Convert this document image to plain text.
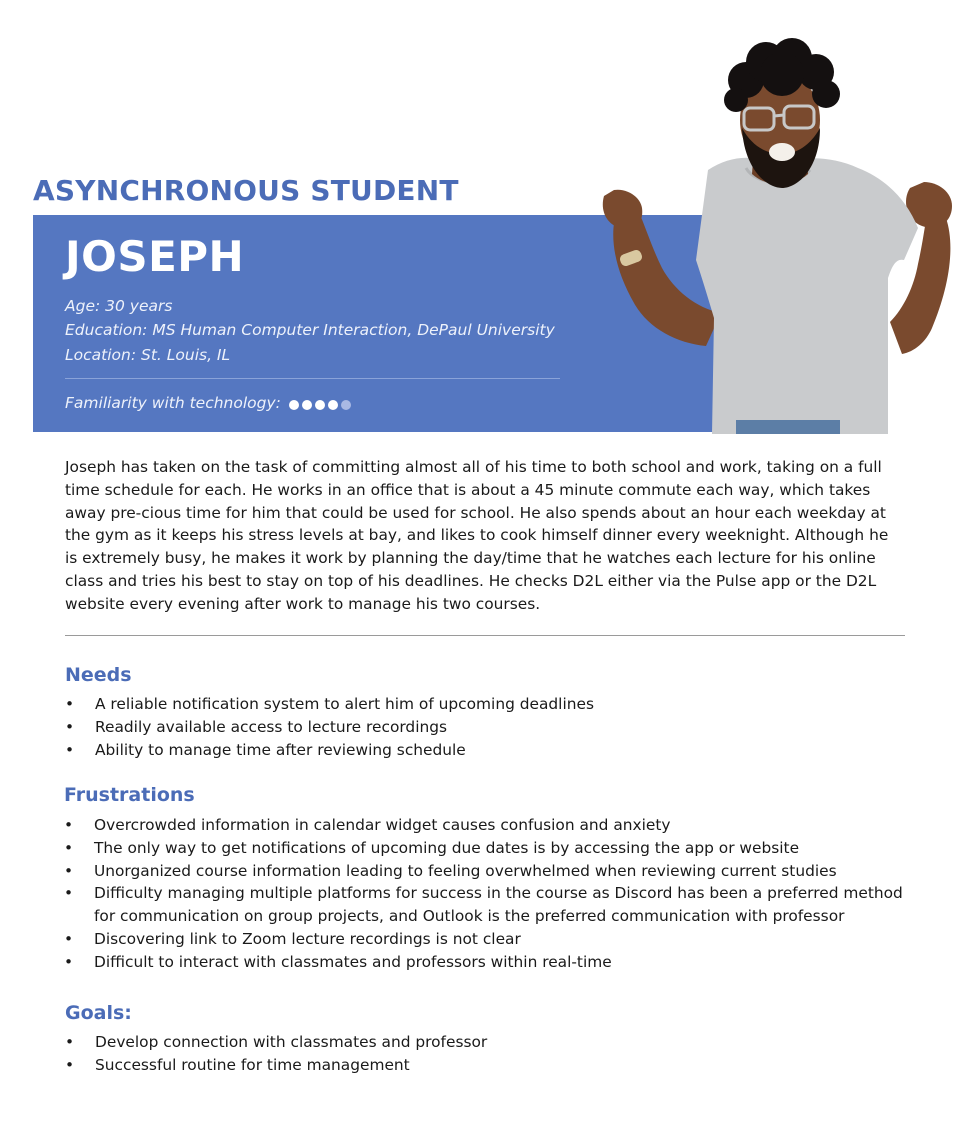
ASYNCHRONOUS STUDENT
JOSEPH
Age: 30 years
Education: MS Human Computer Interaction, DePaul University
Location: St. Louis, IL
Familiarity with technology:
Joseph has taken on the task of committing almost all of his time to both school and work, taking on a full time schedule for each. He works in an office that is about a 45 minute commute each way, which takes away pre-cious time for him that could be used for school. He also spends about an hour each weekday at the gym as it keeps his stress levels at bay, and likes to cook himself dinner every weeknight. Although he is extremely busy, he makes it work by planning the day/time that he watches each lecture for his online class and tries his best to stay on top of his deadlines. He checks D2L either via the Pulse app or the D2L website every evening after work to manage his two courses.
Needs
• A reliable notification system to alert him of upcoming deadlines
• Readily available access to lecture recordings
• Ability to manage time after reviewing schedule
Frustrations
• Overcrowded information in calendar widget causes confusion and anxiety
• The only way to get notifications of upcoming due dates is by accessing the app or website
• Unorganized course information leading to feeling overwhelmed when reviewing current studies
• Difficulty managing multiple platforms for success in the course as Discord has been a preferred method for communication on group projects, and Outlook is the preferred communication with professor
• Discovering link to Zoom lecture recordings is not clear
• Difficult to interact with classmates and professors within real-time
Goals:
• Develop connection with classmates and professor
• Successful routine for time management
